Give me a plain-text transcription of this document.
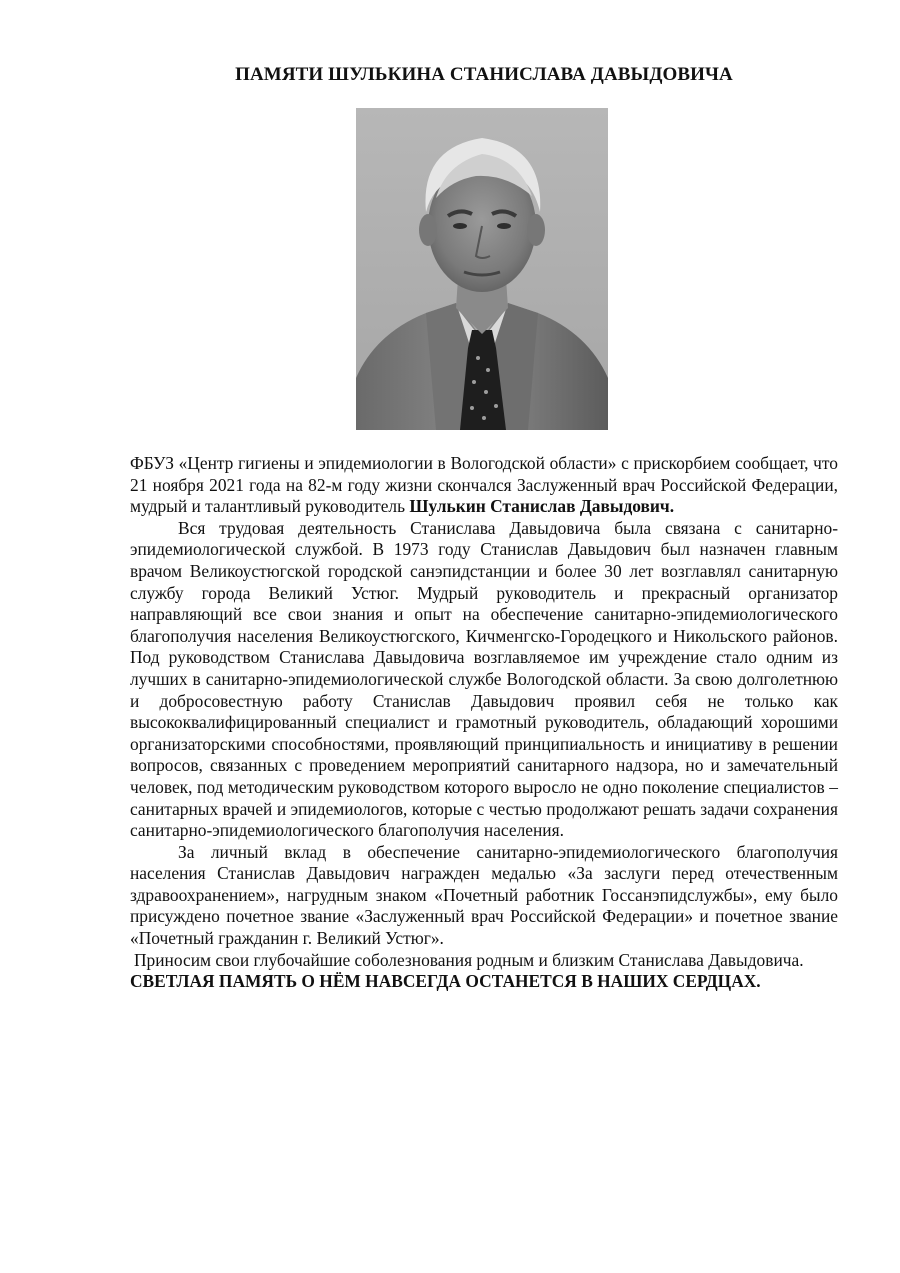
ПАМЯТИ ШУЛЬКИНА СТАНИСЛАВА ДАВЫДОВИЧА

ФБУЗ «Центр гигиены и эпидемиологии в Вологодской области» с прискорбием сообщает, что 21 ноября 2021 года на 82-м году жизни скончался Заслуженный врач Российской Федерации, мудрый и талантливый руководитель Шулькин Станислав Давыдович.

Вся трудовая деятельность Станислава Давыдовича была связана с санитарно-эпидемиологической службой. В 1973 году Станислав Давыдович был назначен главным врачом Великоустюгской городской санэпидстанции и более 30 лет возглавлял санитарную службу города Великий Устюг. Мудрый руководитель и прекрасный организатор направляющий все свои знания и опыт на обеспечение санитарно-эпидемиологического благополучия населения Великоустюгского, Кичменгско-Городецкого и Никольского районов. Под руководством Станислава Давыдовича возглавляемое им учреждение стало одним из лучших в санитарно-эпидемиологической службе Вологодской области. За свою долголетнюю и добросовестную работу Станислав Давыдович проявил себя не только как высококвалифицированный специалист и грамотный руководитель, обладающий хорошими организаторскими способностями, проявляющий принципиальность и инициативу в решении вопросов, связанных с проведением мероприятий санитарного надзора, но и замечательный человек, под методическим руководством которого выросло не одно поколение специалистов – санитарных врачей и эпидемиологов, которые с честью продолжают решать задачи сохранения санитарно-эпидемиологического благополучия населения.

За личный вклад в обеспечение санитарно-эпидемиологического благополучия населения Станислав Давыдович награжден медалью «За заслуги перед отечественным здравоохранением», нагрудным знаком «Почетный работник Госсанэпидслужбы», ему было присуждено почетное звание «Заслуженный врач Российской Федерации» и почетное звание «Почетный гражданин г. Великий Устюг».

Приносим свои глубочайшие соболезнования родным и близким Станислава Давыдовича.

СВЕТЛАЯ ПАМЯТЬ О НЁМ НАВСЕГДА ОСТАНЕТСЯ В НАШИХ СЕРДЦАХ.
